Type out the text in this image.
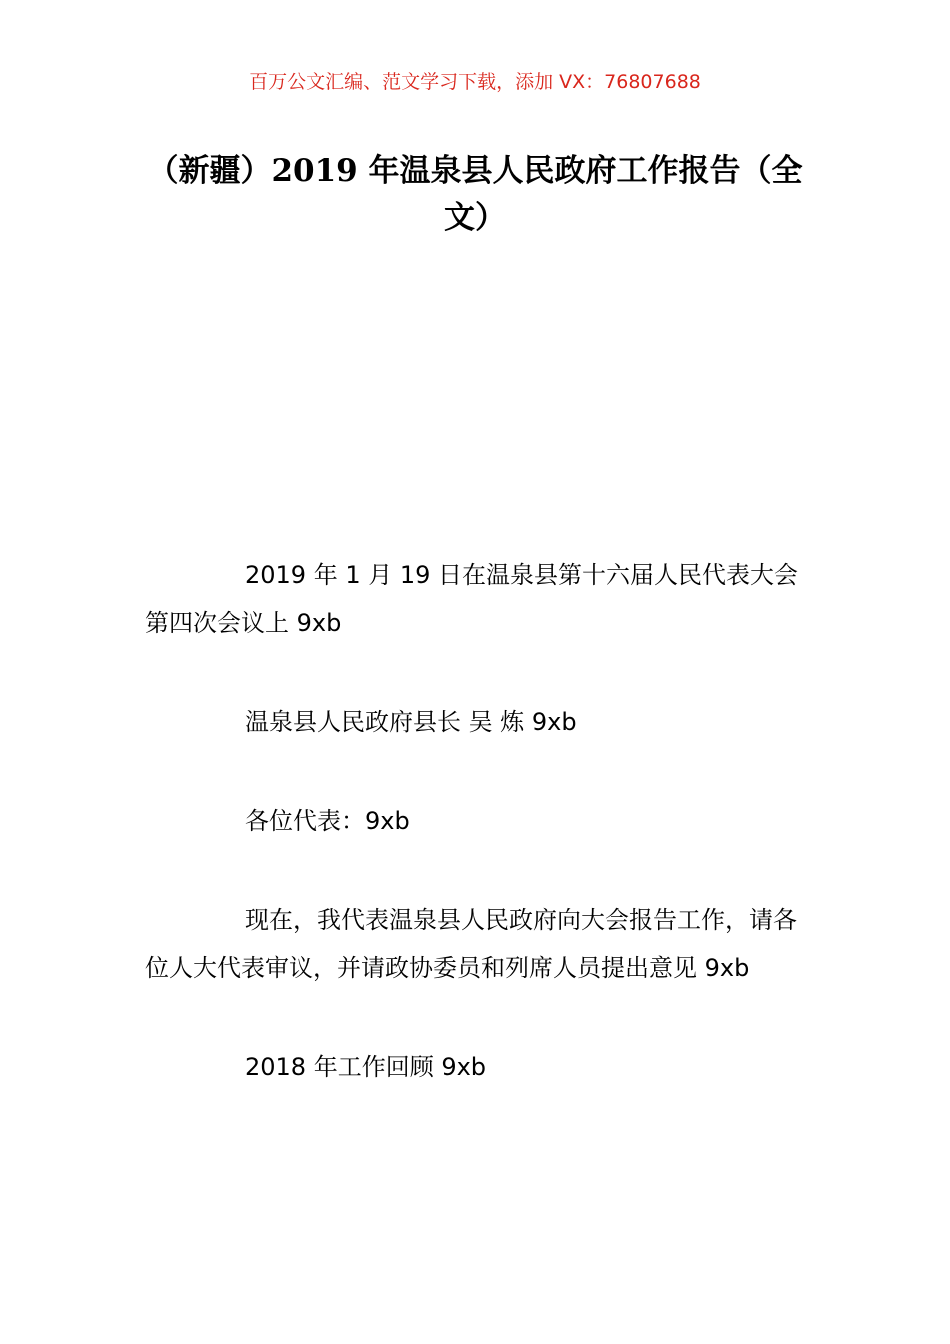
百万公文汇编、范文学习下载，添加 VX：76807688
（新疆）2019 年温泉县人民政府工作报告（全文）

2019 年 1 月 19 日在温泉县第十六届人民代表大会第四次会议上 9xb

温泉县人民政府县长 吴 炼 9xb

各位代表：9xb

现在，我代表温泉县人民政府向大会报告工作，请各位人大代表审议，并请政协委员和列席人员提出意见 9xb

2018 年工作回顾 9xb
